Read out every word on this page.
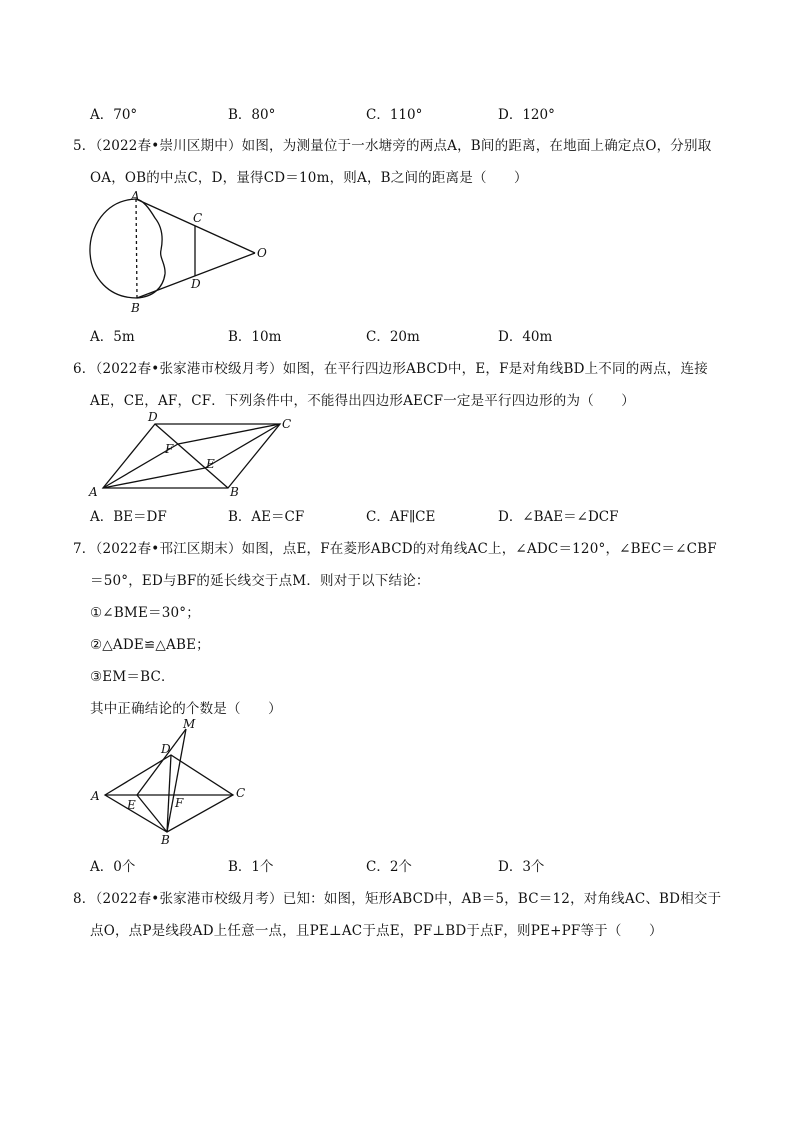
A．70°	B．80°	C．110°	D．120°
5．（2022春•崇川区期中）如图，为测量位于一水塘旁的两点A，B间的距离，在地面上确定点O，分别取
OA，OB的中点C，D，量得CD＝10m，则A，B之间的距离是（　　）
A
B
C
D
O
A．5m	B．10m	C．20m	D．40m
6．（2022春•张家港市校级月考）如图，在平行四边形ABCD中，E，F是对角线BD上不同的两点，连接
AE，CE，AF，CF．下列条件中，不能得出四边形AECF一定是平行四边形的为（　　）
A	B
C
D
E
F
A．BE＝DF	B．AE＝CF	C．AF∥CE	D．∠BAE＝∠DCF
7．（2022春•邗江区期末）如图，点E，F在菱形ABCD的对角线AC上，∠ADC＝120°，∠BEC＝∠CBF
＝50°，ED与BF的延长线交于点M．则对于以下结论：
①∠BME＝30°；
②△ADE≌△ABE；
③EM＝BC．
其中正确结论的个数是（　　）
A
B
C
D
E	F
M
A．0个	B．1个	C．2个	D．3个
8．（2022春•张家港市校级月考）已知：如图，矩形ABCD中，AB＝5，BC＝12，对角线AC、BD相交于
点O，点P是线段AD上任意一点，且PE⊥AC于点E，PF⊥BD于点F，则PE+PF等于（　　）
